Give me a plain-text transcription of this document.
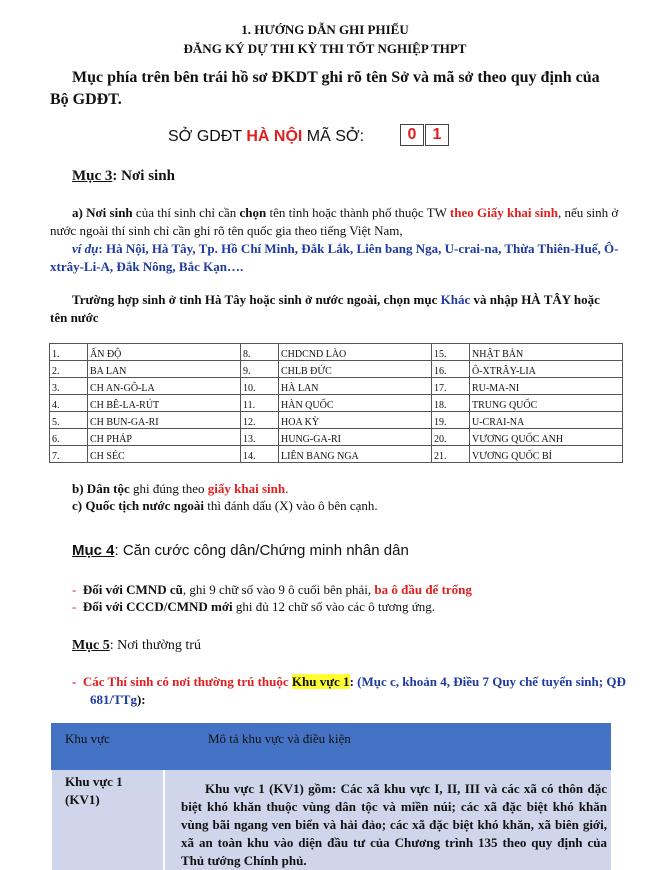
1. HƯỚNG DẪN GHI PHIẾU
ĐĂNG KÝ DỰ THI KỲ THI TỐT NGHIỆP THPT
Mục phía trên bên trái hồ sơ ĐKDT ghi rõ tên Sở và mã sở theo quy định của Bộ GDĐT.
SỞ GDĐT HÀ NỘI MÃ SỞ:	0	1
Mục 3: Nơi sinh
a) Nơi sinh của thí sinh chỉ cần chọn tên tỉnh hoặc thành phố thuộc TW theo Giấy khai sinh, nếu sinh ở nước ngoài thí sinh chỉ cần ghi rõ tên quốc gia theo tiếng Việt Nam,
ví dụ: Hà Nội, Hà Tây, Tp. Hồ Chí Minh, Đắk Lắk, Liên bang Nga, U-crai-na, Thừa Thiên-Huế, Ô-xtrây-Li-A, Đắk Nông, Bắc Kạn….
Trường hợp sinh ở tỉnh Hà Tây hoặc sinh ở nước ngoài, chọn mục Khác và nhập HÀ TÂY hoặc tên nước
1.	ẤN ĐỘ	8.	CHDCND LÀO	15.	NHẬT BẢN
2.	BA LAN	9.	CHLB ĐỨC	16.	Ô-XTRÂY-LIA
3.	CH AN-GÔ-LA	10.	HÀ LAN	17.	RU-MA-NI
4.	CH BÊ-LA-RÚT	11.	HÀN QUỐC	18.	TRUNG QUỐC
5.	CH BUN-GA-RI	12.	HOA KỲ	19.	U-CRAI-NA
6.	CH PHÁP	13.	HUNG-GA-RI	20.	VƯƠNG QUỐC ANH
7.	CH SÉC	14.	LIÊN BANG NGA	21.	VƯƠNG QUỐC BỈ
b) Dân tộc ghi đúng theo giấy khai sinh.
c) Quốc tịch nước ngoài thì đánh dấu (X) vào ô bên cạnh.
Mục 4: Căn cước công dân/Chứng minh nhân dân
-  Đối với CMND cũ, ghi 9 chữ số vào 9 ô cuối bên phải, ba ô đầu để trống
-  Đối với CCCD/CMND mới ghi đủ 12 chữ số vào các ô tương ứng.
Mục 5: Nơi thường trú
-  Các Thí sinh có nơi thường trú thuộc Khu vực 1: (Mục c, khoản 4, Điều 7 Quy chế tuyển sinh; QĐ 681/TTg):
Khu vực	Mô tả khu vực và điều kiện
Khu vực 1 (KV1)
Khu vực 1 (KV1) gồm: Các xã khu vực I, II, III và các xã có thôn đặc biệt khó khăn thuộc vùng dân tộc và miền núi; các xã đặc biệt khó khăn vùng bãi ngang ven biển và hải đảo; các xã đặc biệt khó khăn, xã biên giới, xã an toàn khu vào diện đầu tư của Chương trình 135 theo quy định của Thủ tướng Chính phủ.
